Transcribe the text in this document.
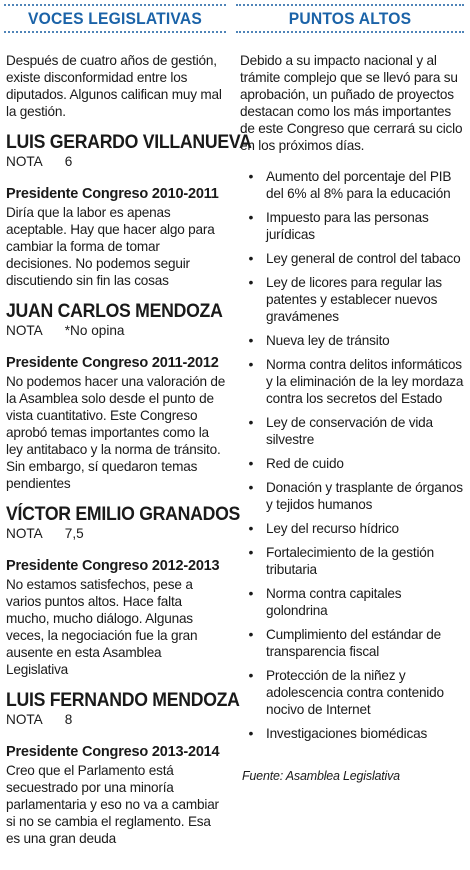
VOCES LEGISLATIVAS
Después de cuatro años de gestión, existe disconformidad entre los diputados. Algunos califican muy mal la gestión.
LUIS GERARDO VILLANUEVA
NOTA 6
Presidente Congreso 2010-2011
Diría que la labor es apenas aceptable. Hay que hacer algo para cambiar la forma de tomar decisiones. No podemos seguir discutiendo sin fin las cosas
JUAN CARLOS MENDOZA
NOTA *No opina
Presidente Congreso 2011-2012
No podemos hacer una valoración de la Asamblea solo desde el punto de vista cuantitativo. Este Congreso aprobó temas importantes como la ley antitabaco y la norma de tránsito. Sin embargo, sí quedaron temas pendientes
VÍCTOR EMILIO GRANADOS
NOTA 7,5
Presidente Congreso 2012-2013
No estamos satisfechos, pese a varios puntos altos. Hace falta mucho, mucho diálogo. Algunas veces, la negociación fue la gran ausente en esta Asamblea Legislativa
LUIS FERNANDO MENDOZA
NOTA 8
Presidente Congreso 2013-2014
Creo que el Parlamento está secuestrado por una minoría parlamentaria y eso no va a cambiar si no se cambia el reglamento. Esa es una gran deuda
PUNTOS ALTOS
Debido a su impacto nacional y al trámite complejo que se llevó para su aprobación, un puñado de proyectos destacan como los más importantes de este Congreso que cerrará su ciclo en los próximos días.
• Aumento del porcentaje del PIB del 6% al 8% para la educación
• Impuesto para las personas jurídicas
• Ley general de control del tabaco
• Ley de licores para regular las patentes y establecer nuevos gravámenes
• Nueva ley de tránsito
• Norma contra delitos informáticos y la eliminación de la ley mordaza contra los secretos del Estado
• Ley de conservación de vida silvestre
• Red de cuido
• Donación y trasplante de órganos y tejidos humanos
• Ley del recurso hídrico
• Fortalecimiento de la gestión tributaria
• Norma contra capitales golondrina
• Cumplimiento del estándar de transparencia fiscal
• Protección de la niñez y adolescencia contra contenido nocivo de Internet
• Investigaciones biomédicas
Fuente: Asamblea Legislativa
